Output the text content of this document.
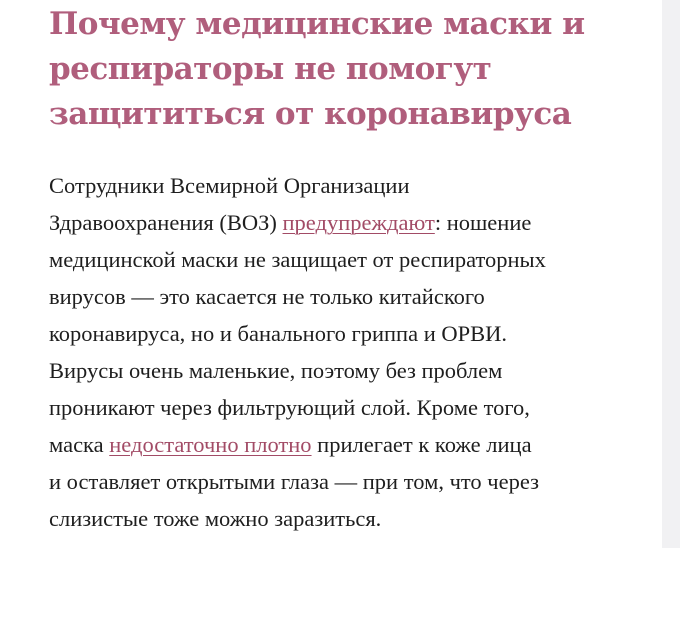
Почему медицинские маски и
респираторы не помогут
защититься от коронавируса

Сотрудники Всемирной Организации
Здравоохранения (ВОЗ) предупреждают: ношение
медицинской маски не защищает от респираторных
вирусов — это касается не только китайского
коронавируса, но и банального гриппа и ОРВИ.
Вирусы очень маленькие, поэтому без проблем
проникают через фильтрующий слой. Кроме того,
маска недостаточно плотно прилегает к коже лица
и оставляет открытыми глаза — при том, что через
слизистые тоже можно заразиться.
